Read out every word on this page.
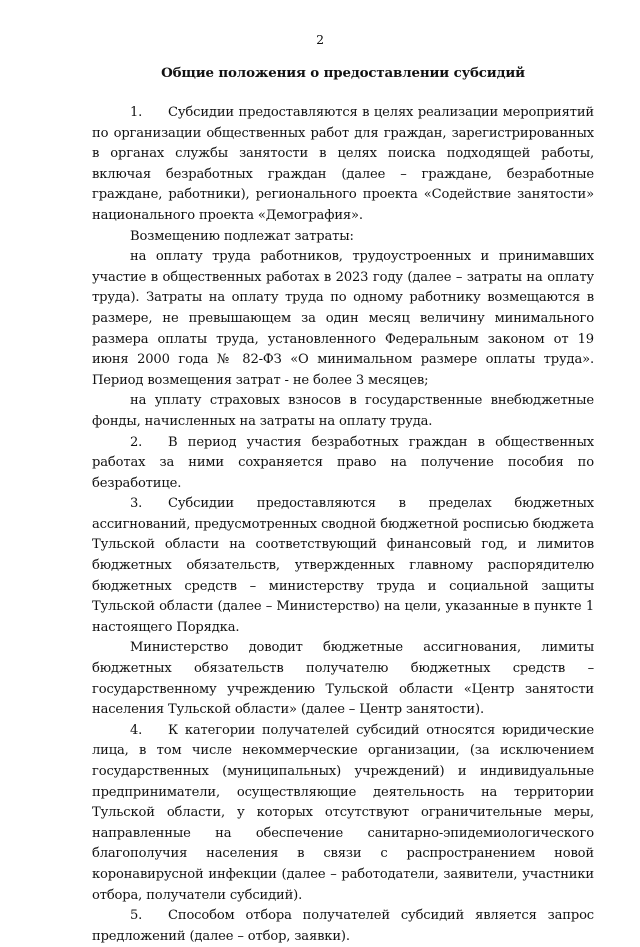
2
Общие положения о предоставлении субсидий

1. Субсидии предоставляются в целях реализации мероприятий по организации общественных работ для граждан, зарегистрированных в органах службы занятости в целях поиска подходящей работы, включая безработных граждан (далее – граждане, безработные граждане, работники), регионального проекта «Содействие занятости» национального проекта «Демография».

Возмещению подлежат затраты:

на оплату труда работников, трудоустроенных и принимавших участие в общественных работах в 2023 году (далее – затраты на оплату труда). Затраты на оплату труда по одному работнику возмещаются в размере, не превышающем за один месяц величину минимального размера оплаты труда, установленного Федеральным законом от 19 июня 2000 года № 82-ФЗ «О минимальном размере оплаты труда». Период возмещения затрат - не более 3 месяцев;

на уплату страховых взносов в государственные внебюджетные фонды, начисленных на затраты на оплату труда.

2. В период участия безработных граждан в общественных работах за ними сохраняется право на получение пособия по безработице.

3. Субсидии предоставляются в пределах бюджетных ассигнований, предусмотренных сводной бюджетной росписью бюджета Тульской области на соответствующий финансовый год, и лимитов бюджетных обязательств, утвержденных главному распорядителю бюджетных средств – министерству труда и социальной защиты Тульской области (далее – Министерство) на цели, указанные в пункте 1 настоящего Порядка.

Министерство доводит бюджетные ассигнования, лимиты бюджетных обязательств получателю бюджетных средств – государственному учреждению Тульской области «Центр занятости населения Тульской области» (далее – Центр занятости).

4. К категории получателей субсидий относятся юридические лица, в том числе некоммерческие организации, (за исключением государственных (муниципальных) учреждений) и индивидуальные предприниматели, осуществляющие деятельность на территории Тульской области, у которых отсутствуют ограничительные меры, направленные на обеспечение санитарно-эпидемиологического благополучия населения в связи с распространением новой коронавирусной инфекции (далее – работодатели, заявители, участники отбора, получатели субсидий).

5. Способом отбора получателей субсидий является запрос предложений (далее – отбор, заявки).
